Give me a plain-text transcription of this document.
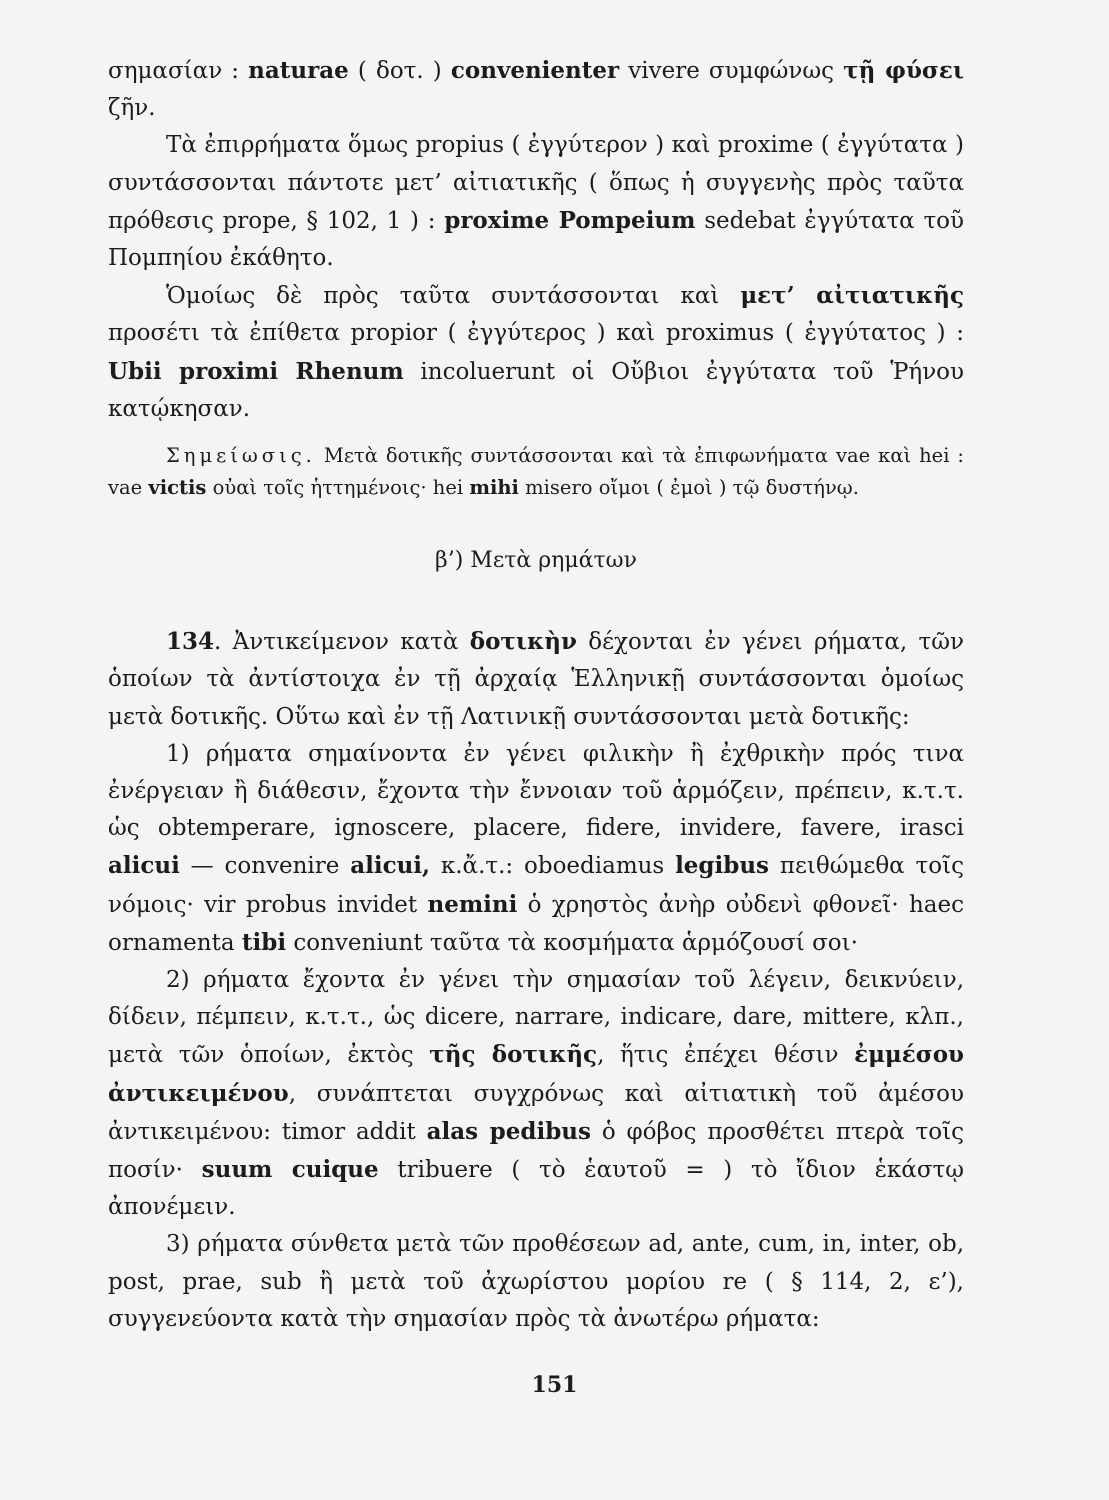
σημασίαν : naturae ( δοτ. ) convenienter vivere συμφώνως τῇ φύσει ζῆν.

Τὰ ἐπιρρήματα ὅμως propius ( ἐγγύτερον ) καὶ proxime ( ἐγγύτατα ) συντάσσονται πάντοτε μετ’ αἰτιατικῆς ( ὅπως ἡ συγγενὴς πρὸς ταῦτα πρόθεσις prope, § 102, 1 ) : proxime Pompeium sedebat ἐγγύτατα τοῦ Πομπηίου ἐκάθητο.

Ὁμοίως δὲ πρὸς ταῦτα συντάσσονται καὶ μετ’ αἰτιατικῆς προσέτι τὰ ἐπίθετα propior ( ἐγγύτερος ) καὶ proximus ( ἐγγύτατος ) : Ubii proximi Rhenum incoluerunt οἱ Οὔβιοι ἐγγύτατα τοῦ Ῥήνου κατῴκησαν.

Σημείωσις. Μετὰ δοτικῆς συντάσσονται καὶ τὰ ἐπιφωνήματα vae καὶ hei : vae victis οὐαὶ τοῖς ἡττημένοις· hei mihi misero οἴμοι ( ἐμοὶ ) τῷ δυστήνῳ.

β’) Μετὰ ρημάτων

134. Ἀντικείμενον κατὰ δοτικὴν δέχονται ἐν γένει ρήματα, τῶν ὁποίων τὰ ἀντίστοιχα ἐν τῇ ἀρχαίᾳ Ἑλληνικῇ συντάσσονται ὁμοίως μετὰ δοτικῆς. Οὕτω καὶ ἐν τῇ Λατινικῇ συντάσσονται μετὰ δοτικῆς:

1) ρήματα σημαίνοντα ἐν γένει φιλικὴν ἢ ἐχθρικὴν πρός τινα ἐνέργειαν ἢ διάθεσιν, ἔχοντα τὴν ἔννοιαν τοῦ ἁρμόζειν, πρέπειν, κ.τ.τ. ὡς obtemperare, ignoscere, placere, fidere, invidere, favere, irasci alicui — convenire alicui, κ.ἄ.τ.: oboediamus legibus πειθώμεθα τοῖς νόμοις· vir probus invidet nemini ὁ χρηστὸς ἀνὴρ οὐδενὶ φθονεῖ· haec ornamenta tibi conveniunt ταῦτα τὰ κοσμήματα ἁρμόζουσί σοι·

2) ρήματα ἔχοντα ἐν γένει τὴν σημασίαν τοῦ λέγειν, δεικνύειν, δίδειν, πέμπειν, κ.τ.τ., ὡς dicere, narrare, indicare, dare, mittere, κλπ., μετὰ τῶν ὁποίων, ἐκτὸς τῆς δοτικῆς, ἥτις ἐπέχει θέσιν ἐμμέσου ἀντικειμένου, συνάπτεται συγχρόνως καὶ αἰτιατικὴ τοῦ ἀμέσου ἀντικειμένου: timor addit alas pedibus ὁ φόβος προσθέτει πτερὰ τοῖς ποσίν· suum cuique tribuere ( τὸ ἑαυτοῦ = ) τὸ ἴδιον ἑκάστῳ ἀπονέμειν.

3) ρήματα σύνθετα μετὰ τῶν προθέσεων ad, ante, cum, in, inter, ob, post, prae, sub ἢ μετὰ τοῦ ἀχωρίστου μορίου re ( § 114, 2, ε’), συγγενεύοντα κατὰ τὴν σημασίαν πρὸς τὰ ἀνωτέρω ρήματα:

151
